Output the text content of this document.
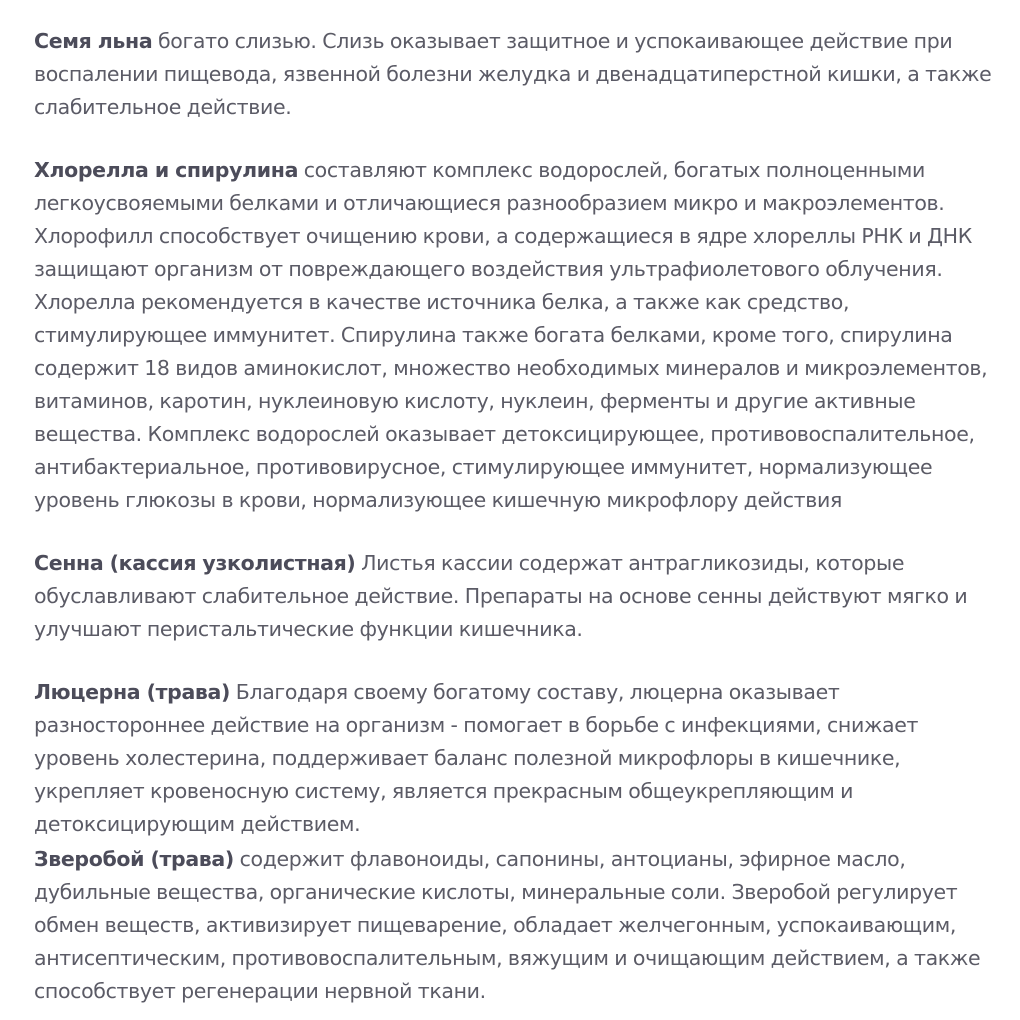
Семя льна богато слизью. Слизь оказывает защитное и успокаивающее действие при воспалении пищевода, язвенной болезни желудка и двенадцатиперстной кишки, а также слабительное действие.

Хлорелла и спирулина составляют комплекс водорослей, богатых полноценными легкоусвояемыми белками и отличающиеся разнообразием микро и макроэлементов. Хлорофилл способствует очищению крови, а содержащиеся в ядре хлореллы РНК и ДНК защищают организм от повреждающего воздействия ультрафиолетового облучения. Хлорелла рекомендуется в качестве источника белка, а также как средство, стимулирующее иммунитет. Спирулина также богата белками, кроме того, спирулина содержит 18 видов аминокислот, множество необходимых минералов и микроэлементов, витаминов, каротин, нуклеиновую кислоту, нуклеин, ферменты и другие активные вещества. Комплекс водорослей оказывает детоксицирующее, противовоспалительное, антибактериальное, противовирусное, стимулирующее иммунитет, нормализующее уровень глюкозы в крови, нормализующее кишечную микрофлору действия

Сенна (кассия узколистная) Листья кассии содержат антрагликозиды, которые обуславливают слабительное действие. Препараты на основе сенны действуют мягко и улучшают перистальтические функции кишечника.

Люцерна (трава) Благодаря своему богатому составу, люцерна оказывает разностороннее действие на организм - помогает в борьбе с инфекциями, снижает уровень холестерина, поддерживает баланс полезной микрофлоры в кишечнике, укрепляет кровеносную систему, является прекрасным общеукрепляющим и детоксицирующим действием.

Зверобой (трава) содержит флавоноиды, сапонины, антоцианы, эфирное масло, дубильные вещества, органические кислоты, минеральные соли. Зверобой регулирует обмен веществ, активизирует пищеварение, обладает желчегонным, успокаивающим, антисептическим, противовоспалительным, вяжущим и очищающим действием, а также способствует регенерации нервной ткани.
